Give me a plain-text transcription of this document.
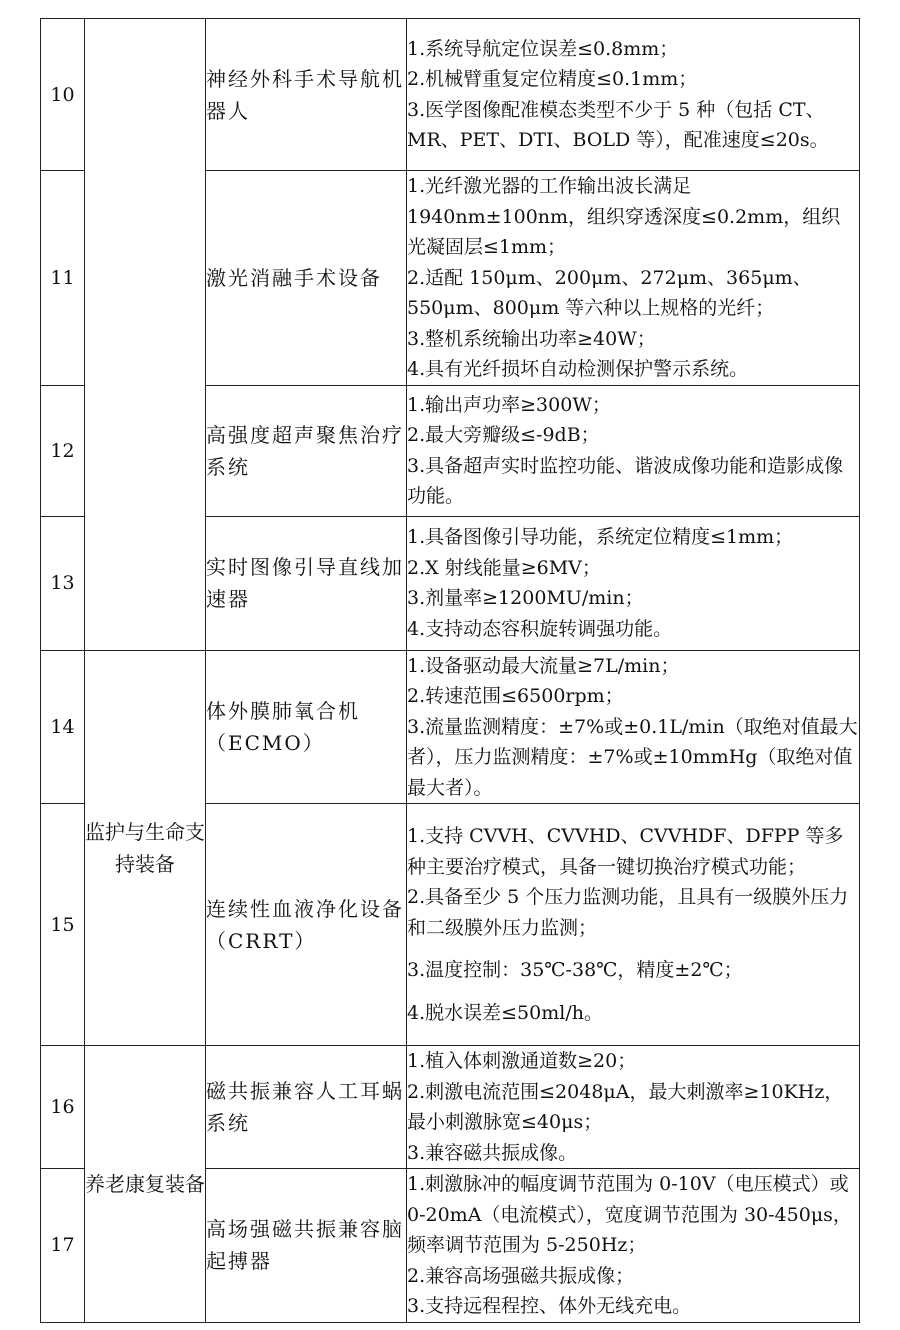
10		神经外科手术导航机器人	1.系统导航定位误差≤0.8mm；
2.机械臂重复定位精度≤0.1mm；
3.医学图像配准模态类型不少于 5 种（包括 CT、MR、PET、DTI、BOLD 等），配准速度≤20s。

11		激光消融手术设备	1.光纤激光器的工作输出波长满足 1940nm±100nm，组织穿透深度≤0.2mm，组织光凝固层≤1mm；
2.适配 150μm、200μm、272μm、365μm、550μm、800μm 等六种以上规格的光纤；
3.整机系统输出功率≥40W；
4.具有光纤损坏自动检测保护警示系统。

12		高强度超声聚焦治疗系统	1.输出声功率≥300W；
2.最大旁瓣级≤-9dB；
3.具备超声实时监控功能、谐波成像功能和造影成像功能。

13		实时图像引导直线加速器	1.具备图像引导功能，系统定位精度≤1mm；
2.X 射线能量≥6MV；
3.剂量率≥1200MU/min；
4.支持动态容积旋转调强功能。

14	监护与生命支持装备	体外膜肺氧合机（ECMO）	1.设备驱动最大流量≥7L/min；
2.转速范围≤6500rpm；
3.流量监测精度：±7%或±0.1L/min（取绝对值最大者），压力监测精度：±7%或±10mmHg（取绝对值最大者）。

15		连续性血液净化设备（CRRT）	1.支持 CVVH、CVVHD、CVVHDF、DFPP 等多种主要治疗模式，具备一键切换治疗模式功能；
2.具备至少 5 个压力监测功能，且具有一级膜外压力和二级膜外压力监测；
3.温度控制：35℃-38℃，精度±2℃；
4.脱水误差≤50ml/h。

16	养老康复装备	磁共振兼容人工耳蜗系统	1.植入体刺激通道数≥20；
2.刺激电流范围≤2048μA，最大刺激率≥10KHz，最小刺激脉宽≤40μs；
3.兼容磁共振成像。

17		高场强磁共振兼容脑起搏器	1.刺激脉冲的幅度调节范围为 0-10V（电压模式）或 0-20mA（电流模式），宽度调节范围为 30-450μs，频率调节范围为 5-250Hz；
2.兼容高场强磁共振成像；
3.支持远程程控、体外无线充电。
